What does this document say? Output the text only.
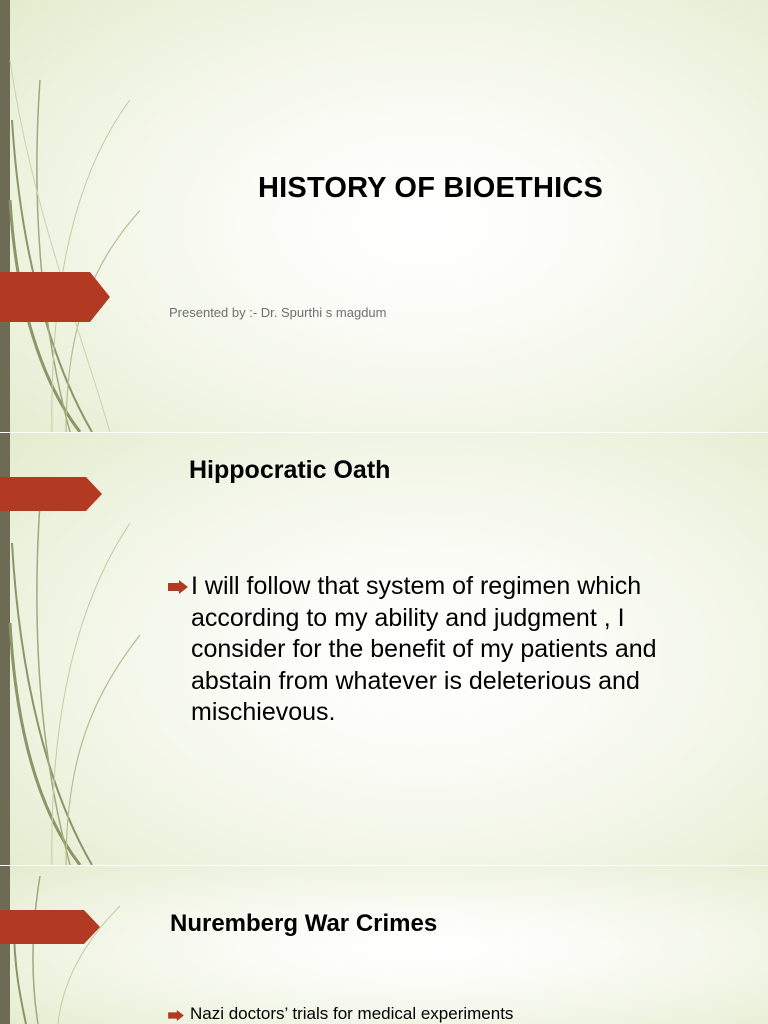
HISTORY OF BIOETHICS

Presented by :- Dr. Spurthi s magdum

Hippocratic Oath
I will follow that system of regimen which according to my ability and judgment , I consider for the benefit of my patients and abstain from whatever is deleterious and mischievous.
Nuremberg War Crimes
Nazi doctors’ trials for medical experiments
